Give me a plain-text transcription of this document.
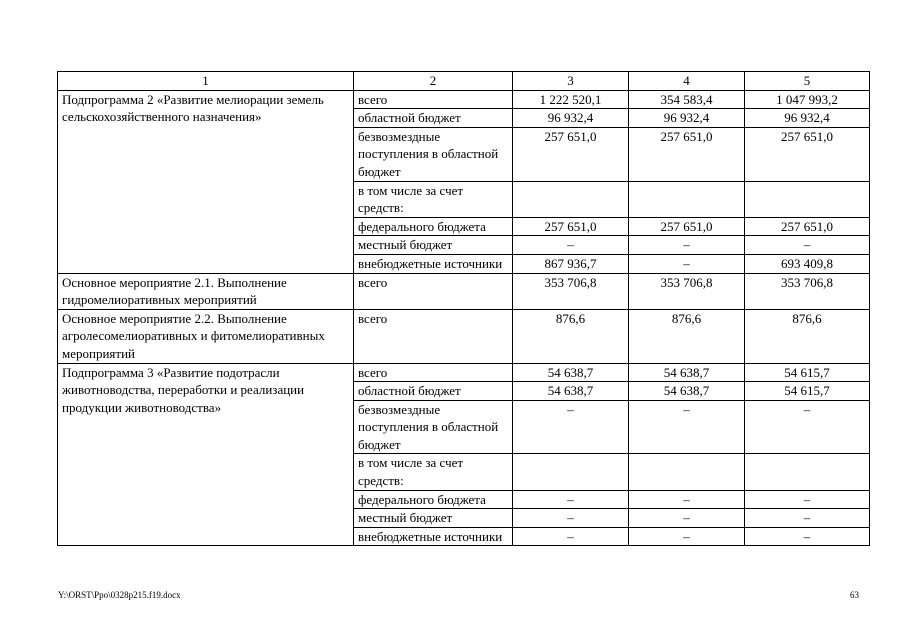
1	2	3	4	5
Подпрограмма 2 «Развитие мелиорации земель сельскохозяйственного назначения»	всего	1 222 520,1	354 583,4	1 047 993,2
	областной бюджет	96 932,4	96 932,4	96 932,4
	безвозмездные поступления в областной бюджет	257 651,0	257 651,0	257 651,0
	в том числе за счет средств:			
	федерального бюджета	257 651,0	257 651,0	257 651,0
	местный бюджет	–	–	–
	внебюджетные источники	867 936,7	–	693 409,8
Основное мероприятие 2.1. Выполнение гидромелиоративных мероприятий	всего	353 706,8	353 706,8	353 706,8
Основное мероприятие 2.2. Выполнение агролесомелиоративных и фитомелиоративных мероприятий	всего	876,6	876,6	876,6
Подпрограмма 3 «Развитие подотрасли животноводства, переработки и реализации продукции животноводства»	всего	54 638,7	54 638,7	54 615,7
	областной бюджет	54 638,7	54 638,7	54 615,7
	безвозмездные поступления в областной бюджет	–	–	–
	в том числе за счет средств:			
	федерального бюджета	–	–	–
	местный бюджет	–	–	–
	внебюджетные источники	–	–	–
Y:\ORST\Ppo\0328p215.f19.docx	63
